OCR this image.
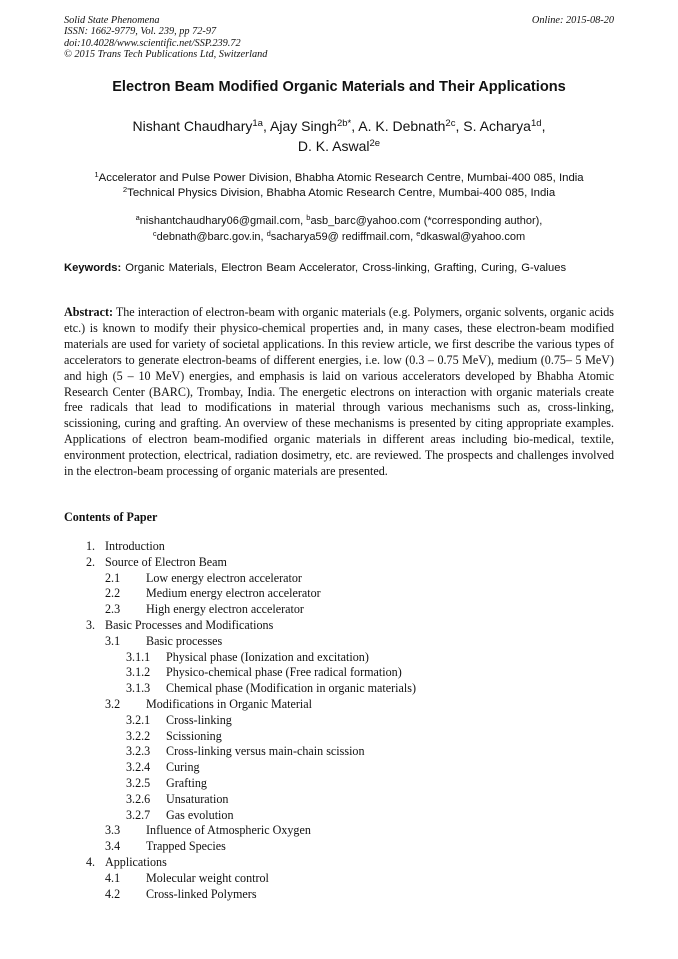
Solid State Phenomena
ISSN: 1662-9779, Vol. 239, pp 72-97
doi:10.4028/www.scientific.net/SSP.239.72
© 2015 Trans Tech Publications Ltd, Switzerland
Online: 2015-08-20
Electron Beam Modified Organic Materials and Their Applications
Nishant Chaudhary$^{1a}$, Ajay Singh$^{2b*}$, A. K. Debnath$^{2c}$, S. Acharya$^{1d}$,
D. K. Aswal$^{2e}$
$^1$Accelerator and Pulse Power Division, Bhabha Atomic Research Centre, Mumbai-400 085, India
$^2$Technical Physics Division, Bhabha Atomic Research Centre, Mumbai-400 085, India
$^a$nishantchaudhary06@gmail.com, $^b$asb_barc@yahoo.com (*corresponding author),
$^c$debnath@barc.gov.in, $^d$sacharya59@ rediffmail.com, $^e$dkaswal@yahoo.com
Keywords: Organic Materials, Electron Beam Accelerator, Cross-linking, Grafting, Curing, G-values
Abstract: The interaction of electron-beam with organic materials (e.g. Polymers, organic solvents, organic acids etc.) is known to modify their physico-chemical properties and, in many cases, these electron-beam modified materials are used for variety of societal applications. In this review article, we first describe the various types of accelerators to generate electron-beams of different energies, i.e. low (0.3 – 0.75 MeV), medium (0.75– 5 MeV) and high (5 – 10 MeV) energies, and emphasis is laid on various accelerators developed by Bhabha Atomic Research Center (BARC), Trombay, India. The energetic electrons on interaction with organic materials create free radicals that lead to modifications in material through various mechanisms such as, cross-linking, scissioning, curing and grafting. An overview of these mechanisms is presented by citing appropriate examples. Applications of electron beam-modified organic materials in different areas including bio-medical, textile, environment protection, electrical, radiation dosimetry, etc. are reviewed. The prospects and challenges involved in the electron-beam processing of organic materials are presented.
Contents of Paper
1. Introduction
2. Source of Electron Beam
2.1 Low energy electron accelerator
2.2 Medium energy electron accelerator
2.3 High energy electron accelerator
3. Basic Processes and Modifications
3.1 Basic processes
3.1.1 Physical phase (Ionization and excitation)
3.1.2 Physico-chemical phase (Free radical formation)
3.1.3 Chemical phase (Modification in organic materials)
3.2 Modifications in Organic Material
3.2.1 Cross-linking
3.2.2 Scissioning
3.2.3 Cross-linking versus main-chain scission
3.2.4 Curing
3.2.5 Grafting
3.2.6 Unsaturation
3.2.7 Gas evolution
3.3 Influence of Atmospheric Oxygen
3.4 Trapped Species
4. Applications
4.1 Molecular weight control
4.2 Cross-linked Polymers
